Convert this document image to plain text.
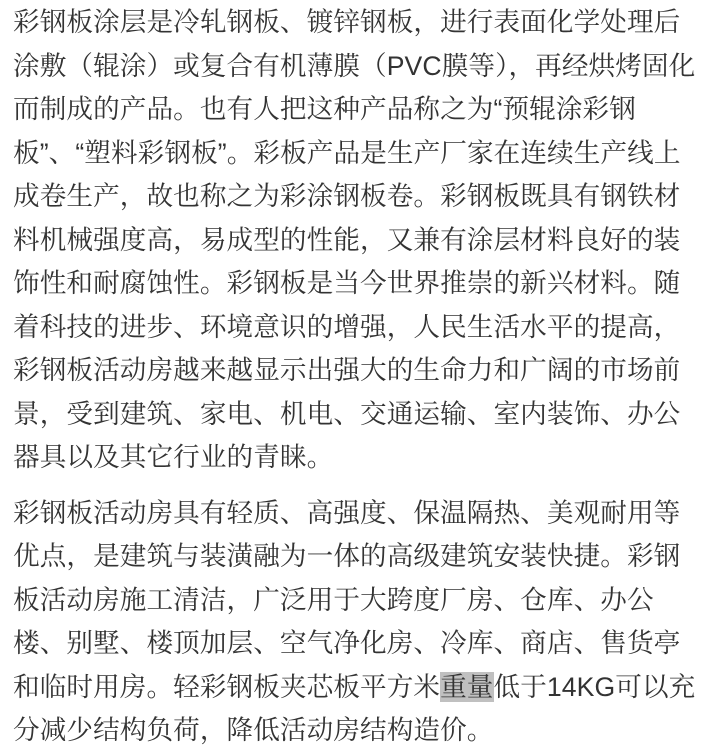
彩钢板涂层是冷轧钢板、镀锌钢板，进行表面化学处理后涂敷（辊涂）或复合有机薄膜（PVC膜等），再经烘烤固化而制成的产品。也有人把这种产品称之为“预辊涂彩钢板”、“塑料彩钢板”。彩板产品是生产厂家在连续生产线上成卷生产，故也称之为彩涂钢板卷。彩钢板既具有钢铁材料机械强度高，易成型的性能，又兼有涂层材料良好的装饰性和耐腐蚀性。彩钢板是当今世界推崇的新兴材料。随着科技的进步、环境意识的增强，人民生活水平的提高，彩钢板活动房越来越显示出强大的生命力和广阔的市场前景，受到建筑、家电、机电、交通运输、室内装饰、办公器具以及其它行业的青睐。

彩钢板活动房具有轻质、高强度、保温隔热、美观耐用等优点，是建筑与装潢融为一体的高级建筑安装快捷。彩钢板活动房施工清洁，广泛用于大跨度厂房、仓库、办公楼、别墅、楼顶加层、空气净化房、冷库、商店、售货亭和临时用房。轻彩钢板夹芯板平方米重量低于14KG可以充分减少结构负荷，降低活动房结构造价。
